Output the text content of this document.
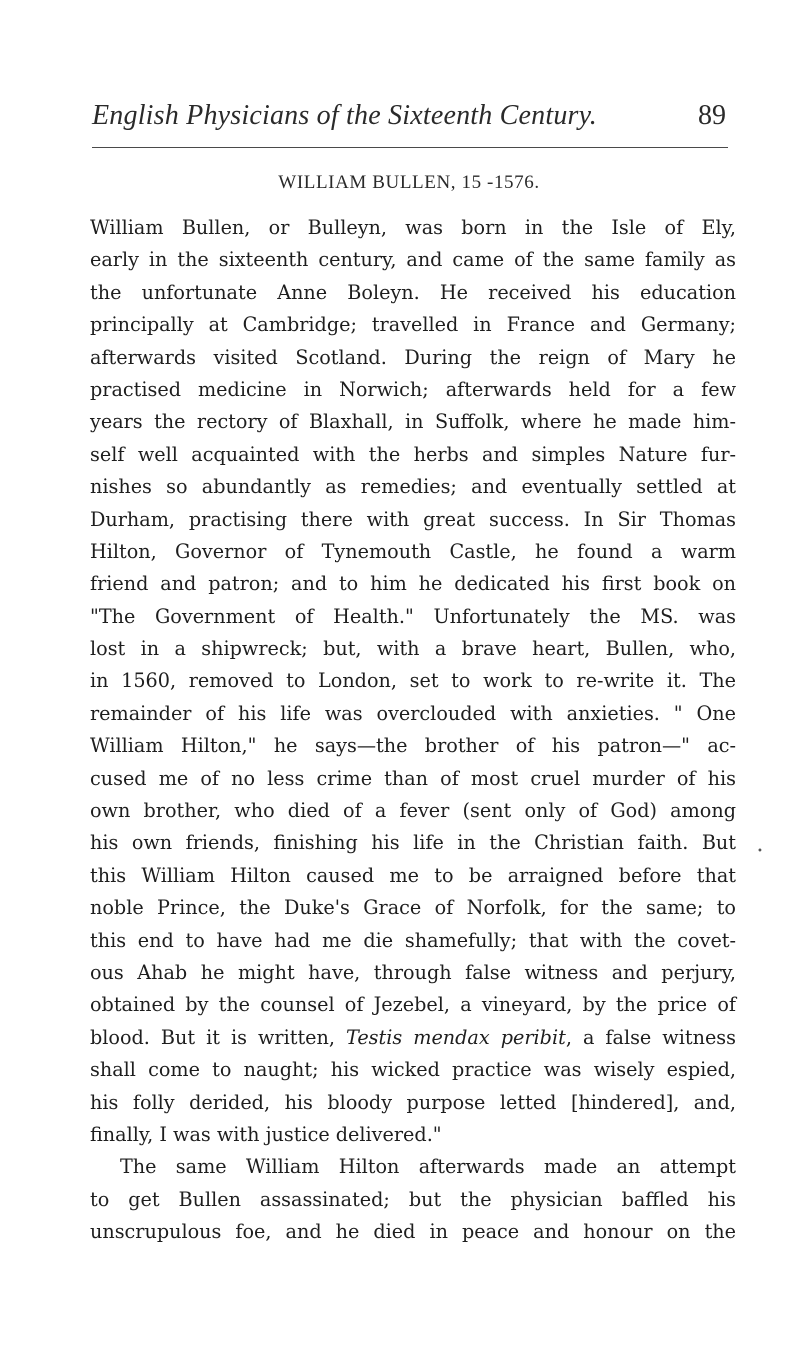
English Physicians of the Sixteenth Century.	89
WILLIAM BULLEN, 15 -1576.
William Bullen, or Bulleyn, was born in the Isle of Ely,
early in the sixteenth century, and came of the same family as
the unfortunate Anne Boleyn. He received his education
principally at Cambridge; travelled in France and Germany;
afterwards visited Scotland. During the reign of Mary he
practised medicine in Norwich; afterwards held for a few
years the rectory of Blaxhall, in Suffolk, where he made him-
self well acquainted with the herbs and simples Nature fur-
nishes so abundantly as remedies; and eventually settled at
Durham, practising there with great success. In Sir Thomas
Hilton, Governor of Tynemouth Castle, he found a warm
friend and patron; and to him he dedicated his first book on
"The Government of Health." Unfortunately the MS. was
lost in a shipwreck; but, with a brave heart, Bullen, who,
in 1560, removed to London, set to work to re-write it. The
remainder of his life was overclouded with anxieties. " One
William Hilton," he says—the brother of his patron—" ac-
cused me of no less crime than of most cruel murder of his
own brother, who died of a fever (sent only of God) among
his own friends, finishing his life in the Christian faith. But
this William Hilton caused me to be arraigned before that
noble Prince, the Duke's Grace of Norfolk, for the same; to
this end to have had me die shamefully; that with the covet-
ous Ahab he might have, through false witness and perjury,
obtained by the counsel of Jezebel, a vineyard, by the price of
blood. But it is written, Testis mendax peribit, a false witness
shall come to naught; his wicked practice was wisely espied,
his folly derided, his bloody purpose letted [hindered], and,
finally, I was with justice delivered."
The same William Hilton afterwards made an attempt
to get Bullen assassinated; but the physician baffled his
unscrupulous foe, and he died in peace and honour on the
•
